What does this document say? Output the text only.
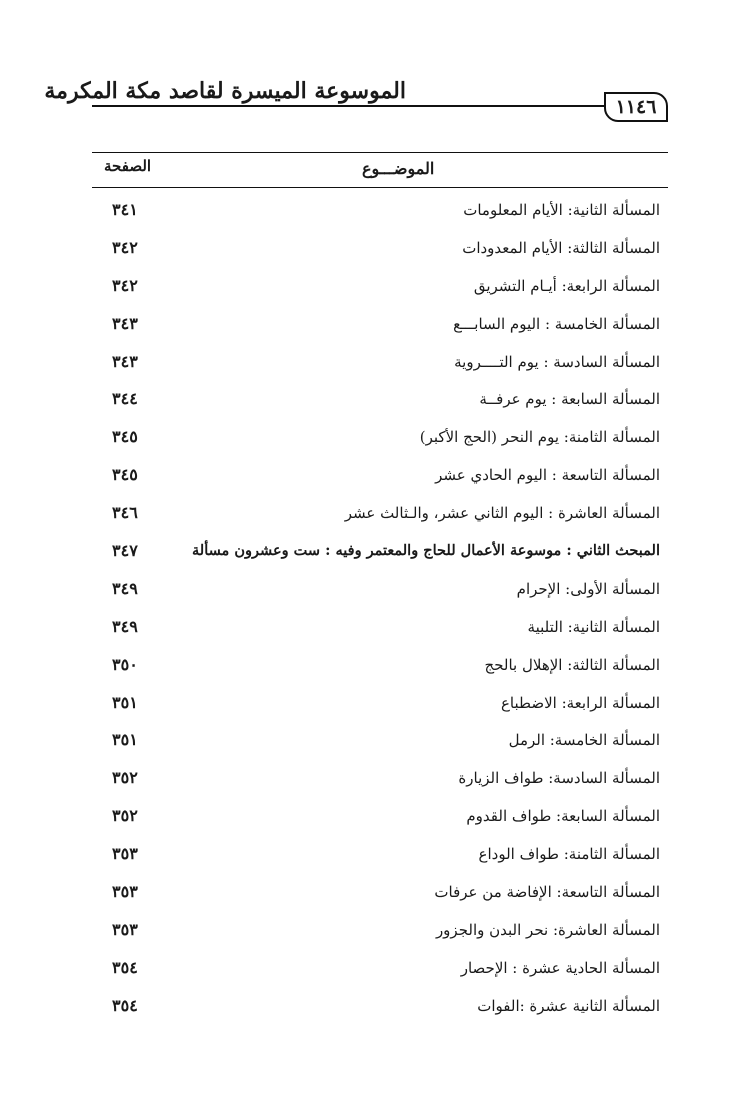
الموسوعة الميسرة لقاصد مكة المكرمة
١١٤٦
الصفحة	الموضـــوع
المسألة الثانية: الأيام المعلومات
٣٤١
المسألة الثالثة: الأيام المعدودات
٣٤٢
المسألة الرابعة: أيـام التشريق
٣٤٢
المسألة الخامسة : اليوم السابـــع
٣٤٣
المسألة السادسة : يوم التــــروية
٣٤٣
المسألة السابعة : يوم عرفــة
٣٤٤
المسألة الثامنة: يوم النحر (الحج الأكبر)
٣٤٥
المسألة التاسعة : اليوم الحادي عشر
٣٤٥
المسألة العاشرة : اليوم الثاني عشر، والـثالث عشر
٣٤٦
المبحث الثاني : موسوعة الأعمال للحاج والمعتمر وفيه : ست وعشرون مسألة
٣٤٧
المسألة الأولى: الإحرام
٣٤٩
المسألة الثانية: التلبية
٣٤٩
المسألة الثالثة: الإهلال بالحج
٣٥٠
المسألة الرابعة: الاضطباع
٣٥١
المسألة الخامسة: الرمل
٣٥١
المسألة السادسة: طواف الزيارة
٣٥٢
المسألة السابعة: طواف القدوم
٣٥٢
المسألة الثامنة: طواف الوداع
٣٥٣
المسألة التاسعة: الإفاضة من عرفات
٣٥٣
المسألة العاشرة: نحر البدن والجزور
٣٥٣
المسألة الحادية عشرة : الإحصار
٣٥٤
المسألة الثانية عشرة :الفوات
٣٥٤
